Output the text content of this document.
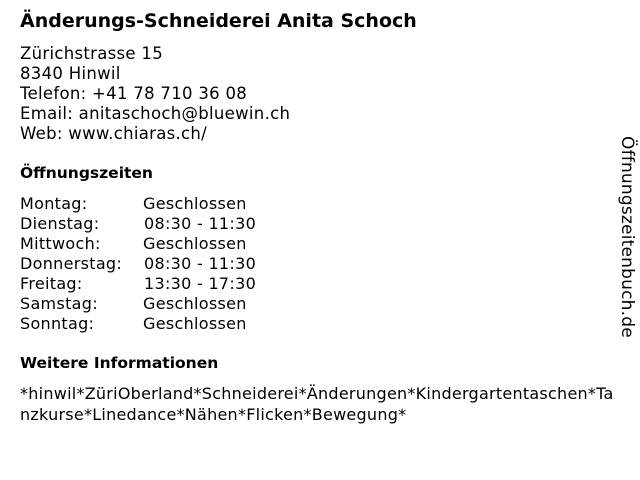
Änderungs-Schneiderei Anita Schoch
Zürichstrasse 15
8340 Hinwil
Telefon: +41 78 710 36 08
Email: anitaschoch@bluewin.ch
Web: www.chiaras.ch/
Öffnungszeiten
Montag:	Geschlossen
Dienstag:	08:30 - 11:30
Mittwoch:	Geschlossen
Donnerstag: 08:30 - 11:30
Freitag:	13:30 - 17:30
Samstag:	Geschlossen
Sonntag:	Geschlossen
Weitere Informationen
*hinwil*ZüriOberland*Schneiderei*Änderungen*Kindergartentaschen*Tanzkurse*Linedance*Nähen*Flicken*Bewegung*
Öffnungszeitenbuch.de
